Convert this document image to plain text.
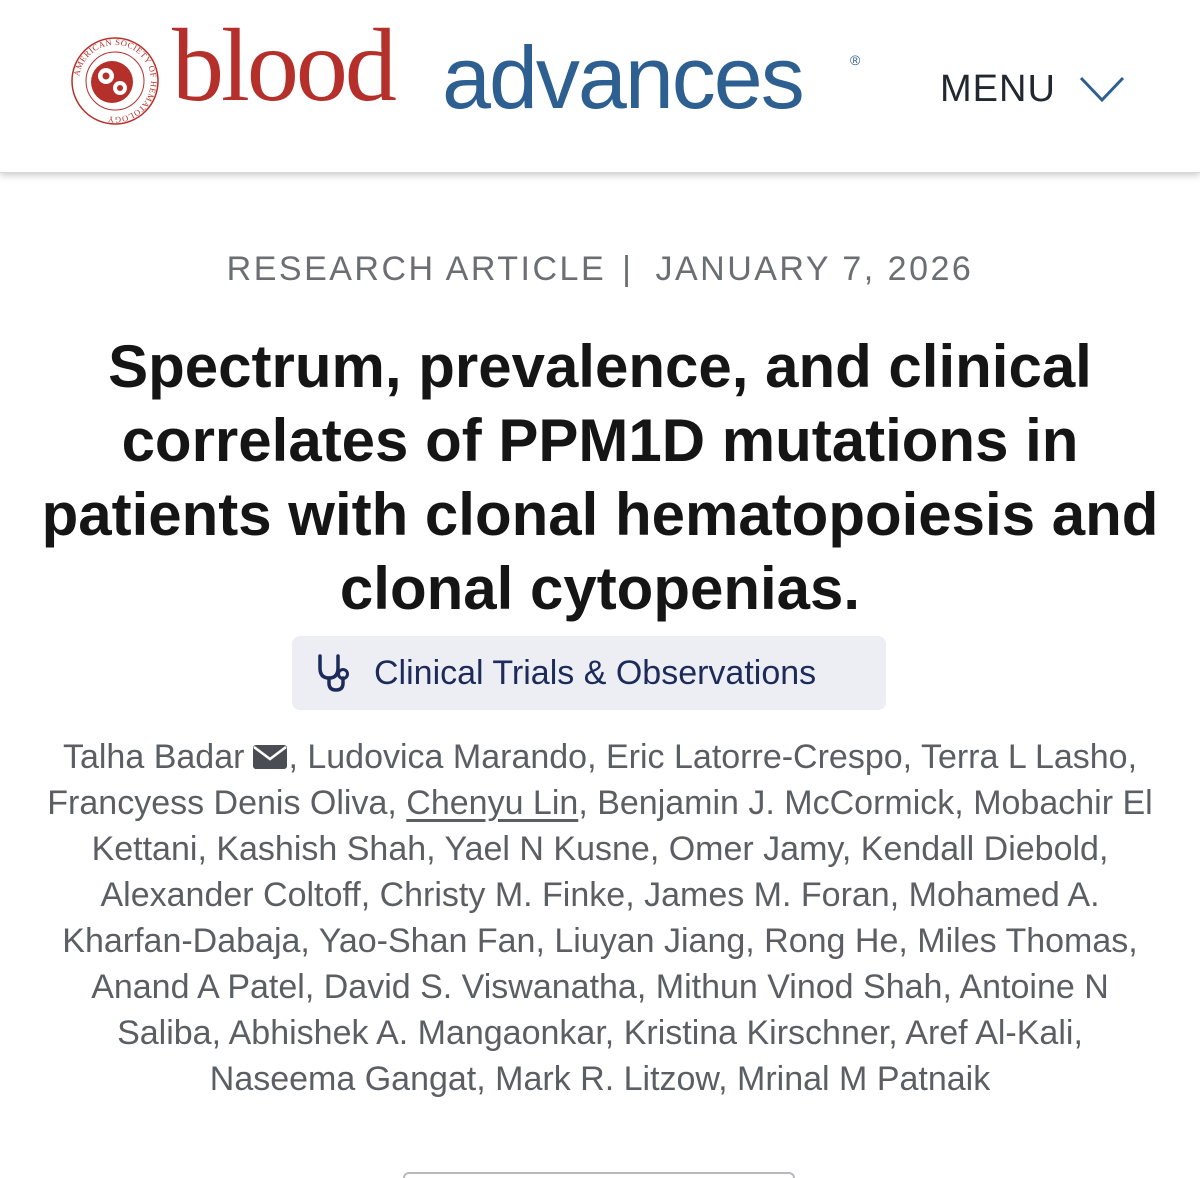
AMERICAN SOCIETY OF HEMATOLOGY blood advances	®
MENU
RESEARCH ARTICLE | JANUARY 7, 2026
Spectrum, prevalence, and clinical correlates of PPM1D mutations in patients with clonal hematopoiesis and clonal cytopenias.
Clinical Trials & Observations

Talha Badar , Ludovica Marando, Eric Latorre-Crespo, Terra L Lasho, Francyess Denis Oliva, Chenyu Lin, Benjamin J. McCormick, Mobachir El Kettani, Kashish Shah, Yael N Kusne, Omer Jamy, Kendall Diebold, Alexander Coltoff, Christy M. Finke, James M. Foran, Mohamed A. Kharfan-Dabaja, Yao-Shan Fan, Liuyan Jiang, Rong He, Miles Thomas, Anand A Patel, David S. Viswanatha, Mithun Vinod Shah, Antoine N Saliba, Abhishek A. Mangaonkar, Kristina Kirschner, Aref Al-Kali, Naseema Gangat, Mark R. Litzow, Mrinal M Patnaik
